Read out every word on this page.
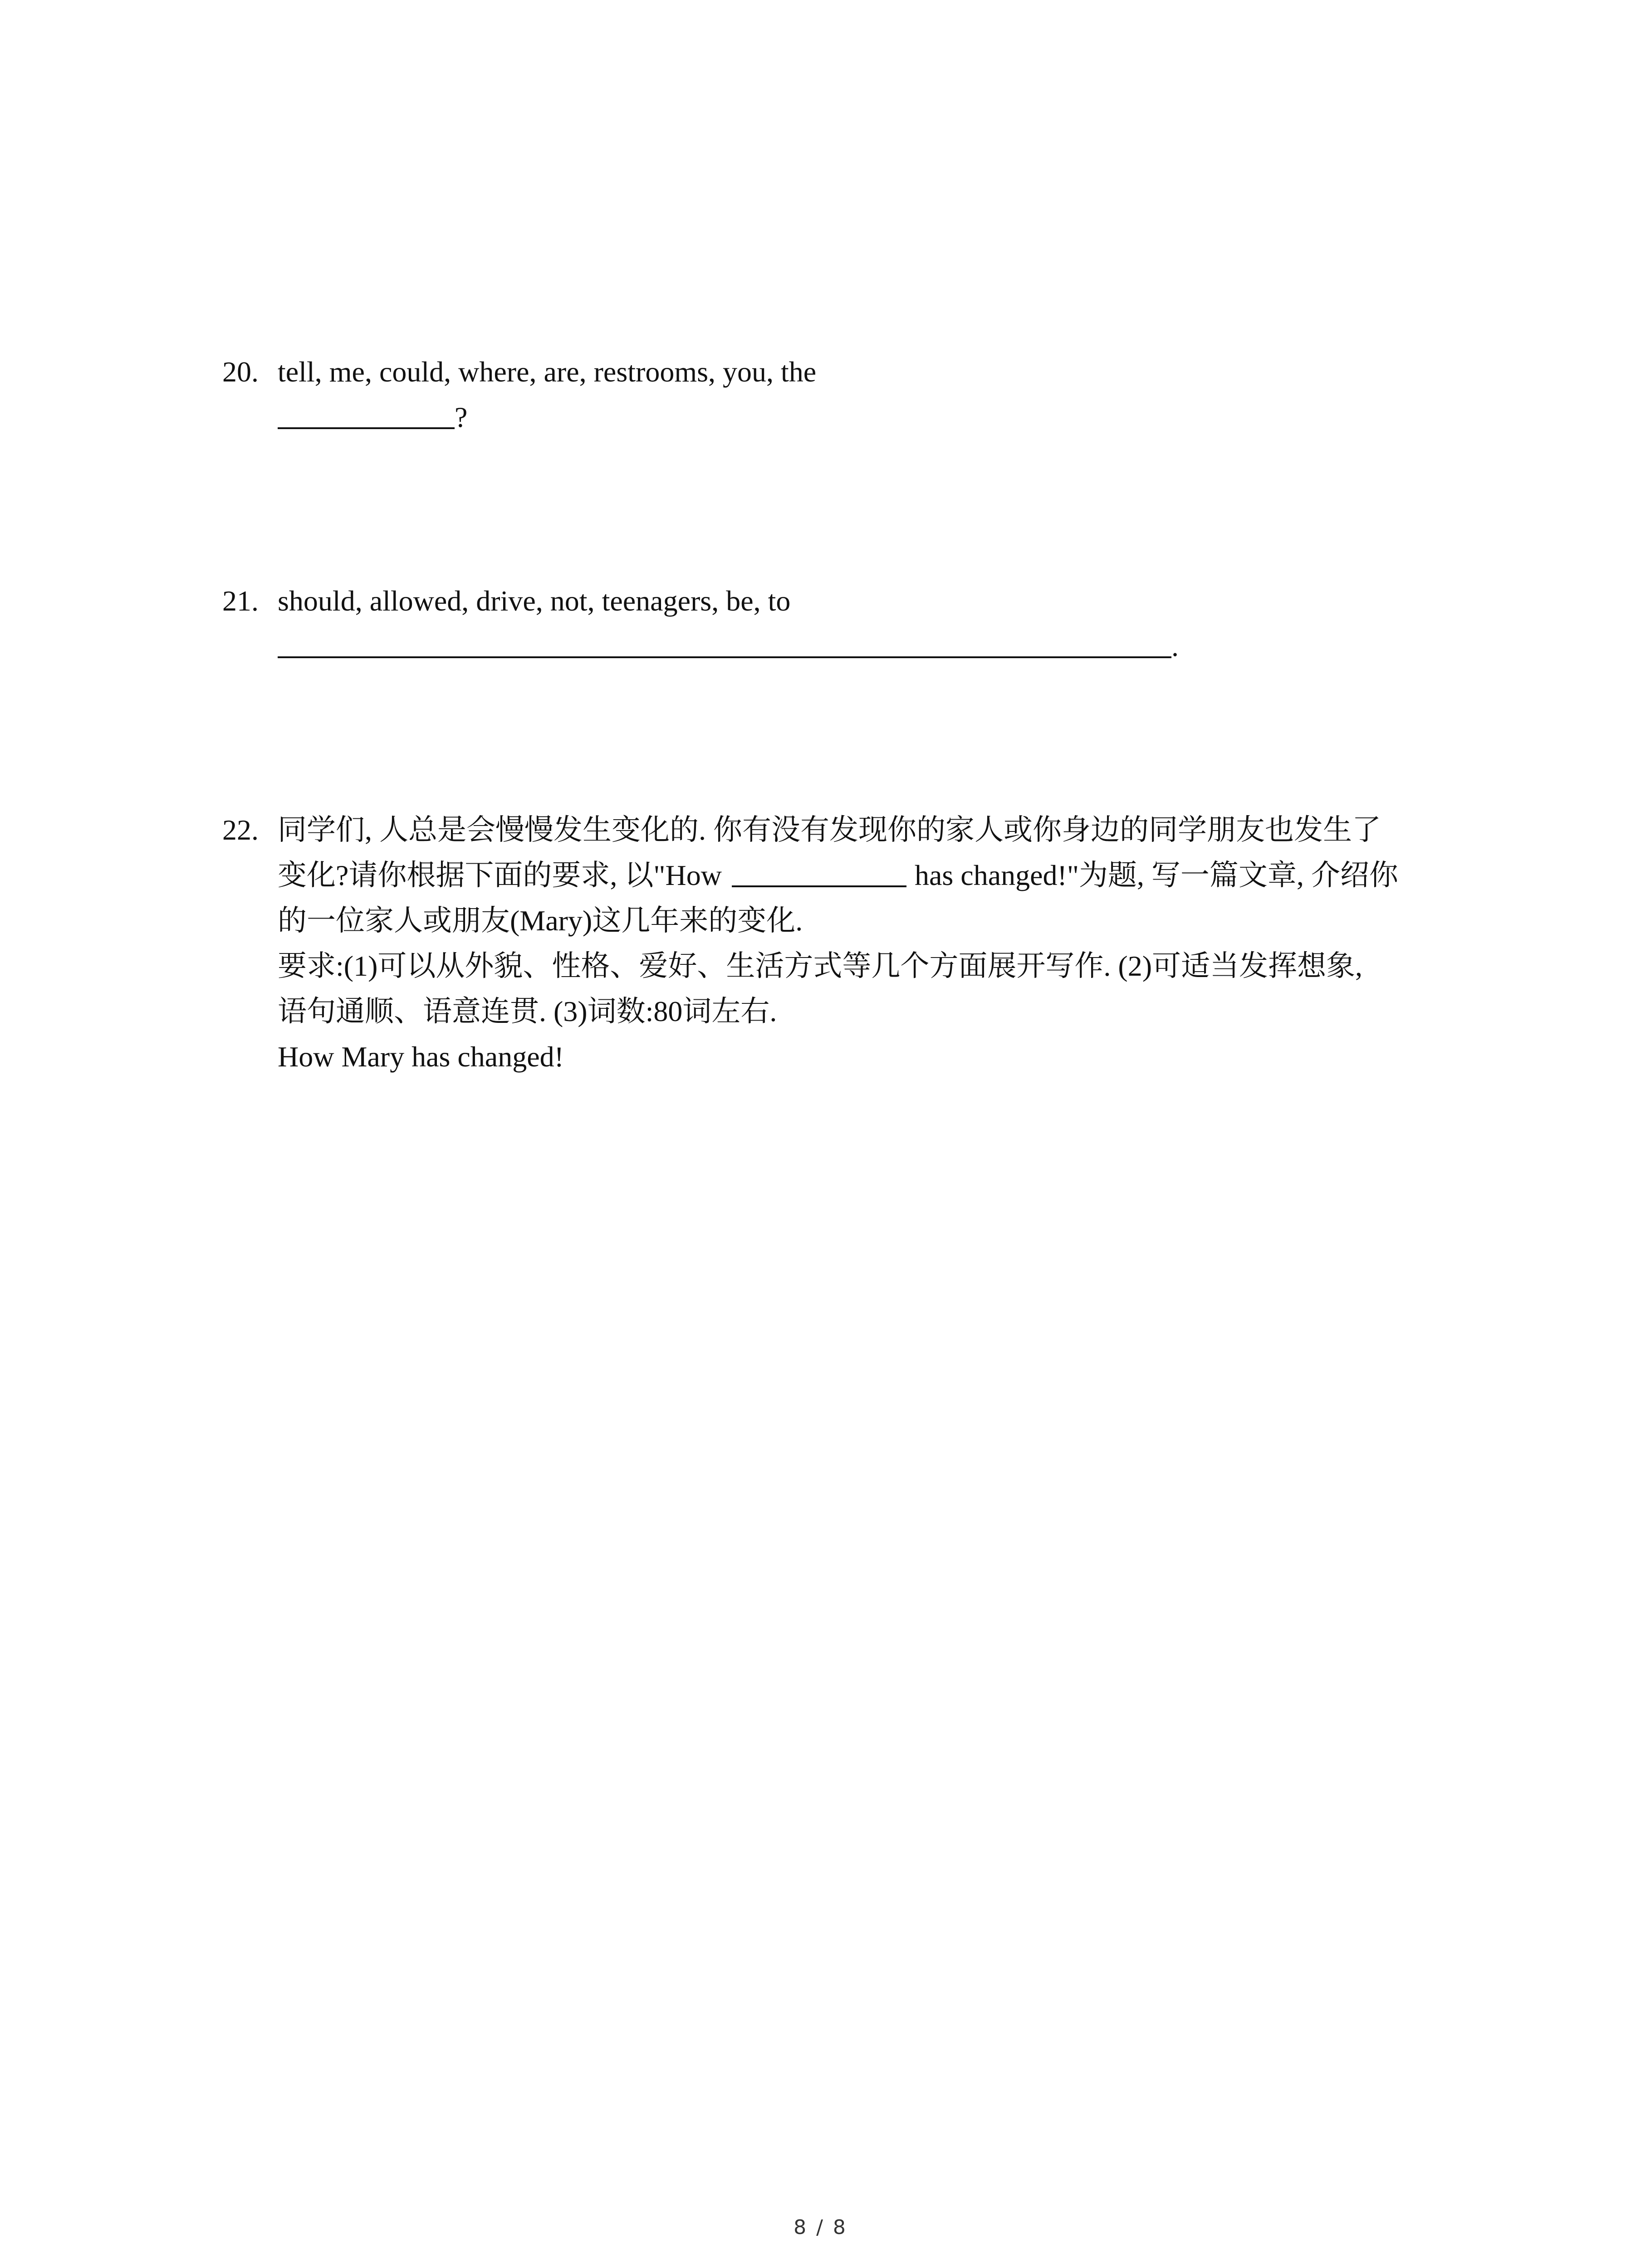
20. tell, me, could, where, are, restrooms, you, the
?
21. should, allowed, drive, not, teenagers, be, to
.
22. 同学们, 人总是会慢慢发生变化的. 你有没有发现你的家人或你身边的同学朋友也发生了
变化?请你根据下面的要求, 以"How	has changed!"为题, 写一篇文章, 介绍你
的一位家人或朋友(Mary)这几年来的变化.
要求:(1)可以从外貌、性格、爱好、生活方式等几个方面展开写作. (2)可适当发挥想象,
语句通顺、语意连贯. (3)词数:80词左右.
How Mary has changed!
8 / 8
